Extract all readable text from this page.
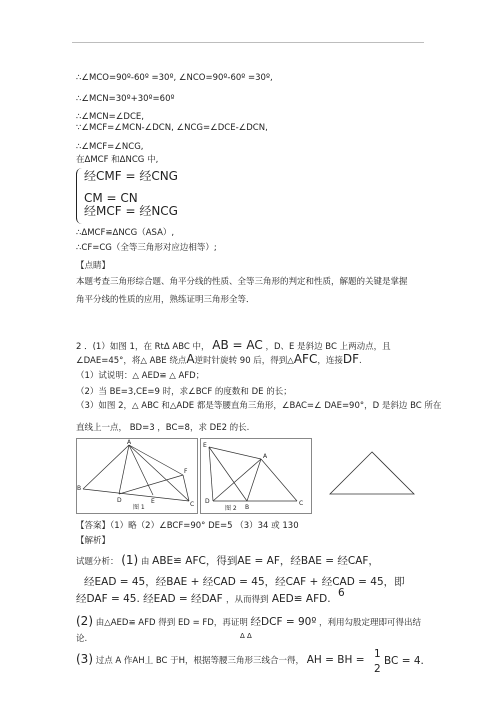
∴∠MCO=90º-60º =30º, ∠NCO=90º-60º =30º,
∴∠MCN=30º+30º=60º
∴∠MCN=∠DCE,
∵∠MCF=∠MCN-∠DCN, ∠NCG=∠DCE-∠DCN,
∴∠MCF=∠NCG,
在ΔMCF 和ΔNCG 中,
经CMF = 经CNG
CM = CN
经MCF = 经NCG
∴ΔMCF≌ΔNCG（ASA）,
∴CF=CG（全等三角形对应边相等）;
【点睛】
本题考查三角形综合题、角平分线的性质、全等三角形的判定和性质，解题的关键是掌握
角平分线的性质的应用，熟练证明三角形全等．
2 ．(1）如图 1，在 RtΔ ABC 中， AB = AC ，D、E 是斜边 BC 上两动点，且
∠DAE=45°，将△ ABE 绕点A逆时针旋转 90 后，得到△AFC，连接DF.
（1）试说明：△ AED≌ △ AFD；
（2）当 BE=3,CE=9 时，求∠BCF 的度数和 DE 的长；
（3）如图 2，△ ABC 和△ADE 都是等腰直角三角形，∠BAC=∠ DAE=90°，D 是斜边 BC 所在
直线上一点， BD=3 ，BC=8，求 DE2 的长.
A
F
B
D	E	C
图 1
A
E
D
B
C
图 2
【答案】（1）略（2）∠BCF=90° DE=5 （3）34 或 130
【解析】
试题分析： (1) 由 ABE≌ AFC，得到AE = AF，经BAE = 经CAF，
经EAD = 45，经BAE + 经CAD = 45，经CAF + 经CAD = 45，即
6
经DAF = 45. 经EAD = 经DAF ，从而得到 AED≌ AFD.
(2) 由△AED≌ AFD 得到 ED = FD，再证明 经DCF = 90º ，利用勾股定理即可得出结
论.	Δ Δ
(3) 过点 A 作AH丄 BC 于H，根据等腰三角形三线合一得， AH = BH = 1
2
BC = 4.
